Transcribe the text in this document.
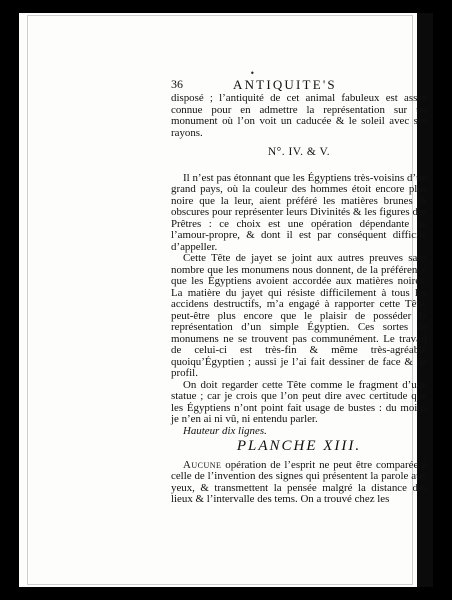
•
36	ANTIQUITE'S

disposé ; l’antiquité de cet animal fabuleux est assez connue pour en admettre la représentation sur un monument où l’on voit un caducée & le soleil avec ses rayons.

N°. IV. & V.

Il n’est pas étonnant que les Égyptiens très-voisins d’un grand pays, où la couleur des hommes étoit encore plus noire que la leur, aient préféré les matières brunes & obscures pour représenter leurs Divinités & les figures des Prêtres : ce choix est une opération dépendante de l’amour-propre, & dont il est par conséquent difficile d’appeller.

Cette Tête de jayet se joint aux autres preuves sans nombre que les monumens nous donnent, de la préférence que les Égyptiens avoient accordée aux matières noires. La matière du jayet qui résiste difficilement à tous les accidens destructifs, m’a engagé à rapporter cette Tête, peut-être plus encore que le plaisir de posséder la représentation d’un simple Égyptien. Ces sortes de monumens ne se trouvent pas communément. Le travail de celui-ci est très-fin & même très-agréable quoiqu’Égyptien ; aussi je l’ai fait dessiner de face & de profil.

On doit regarder cette Tête comme le fragment d’une statue ; car je crois que l’on peut dire avec certitude que les Égyptiens n’ont point fait usage de bustes : du moins je n’en ai ni vû, ni entendu parler.

Hauteur dix lignes.

PLANCHE XIII.

Aucune opération de l’esprit ne peut être comparée à celle de l’invention des signes qui présentent la parole aux yeux, & transmettent la pensée malgré la distance des lieux & l’intervalle des tems. On a trouvé chez les
